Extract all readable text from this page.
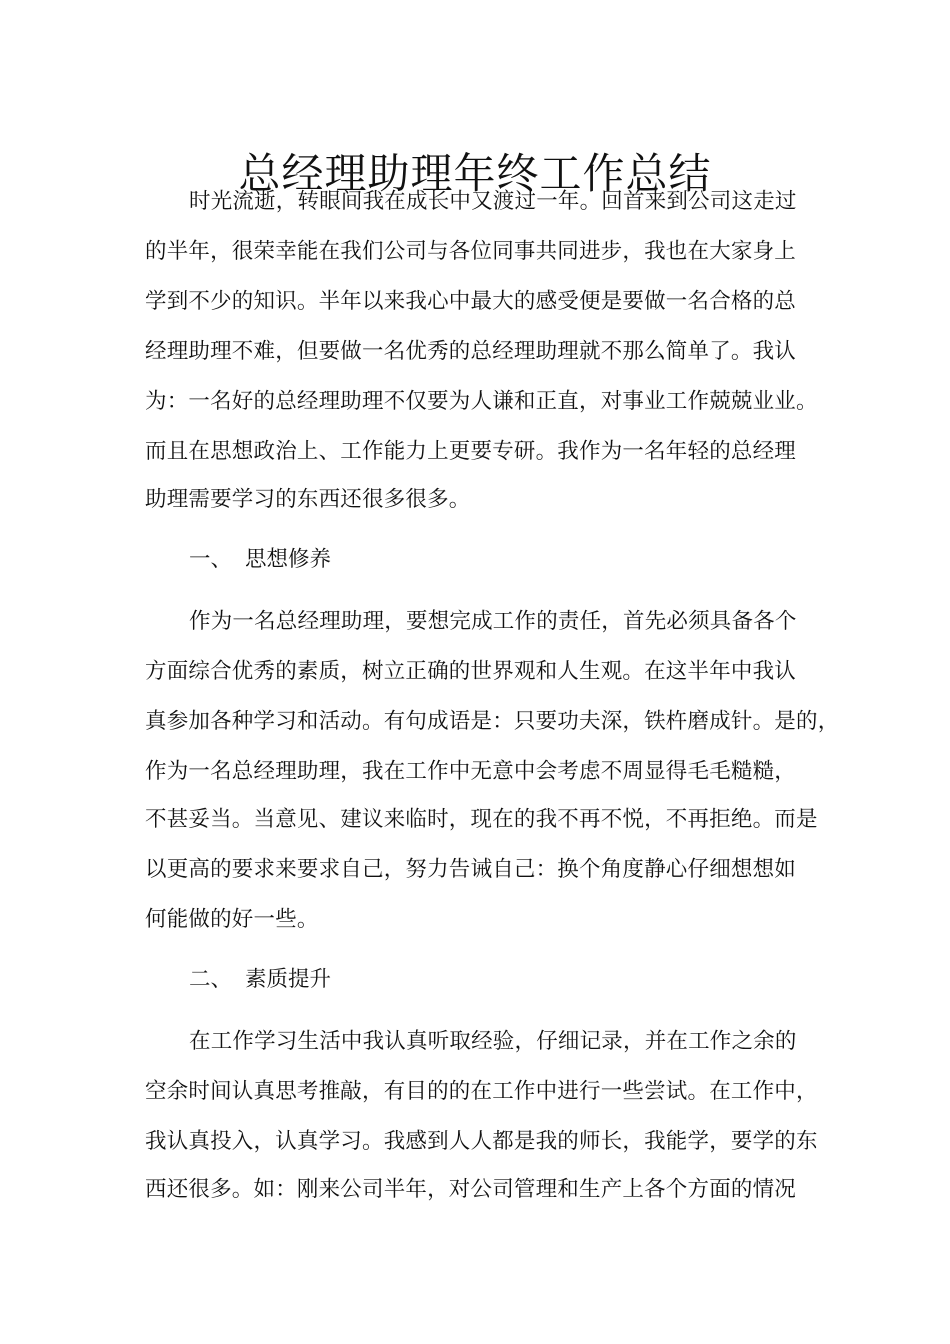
总经理助理年终工作总结
时光流逝，转眼间我在成长中又渡过一年。回首来到公司这走过
的半年，很荣幸能在我们公司与各位同事共同进步，我也在大家身上
学到不少的知识。半年以来我心中最大的感受便是要做一名合格的总
经理助理不难，但要做一名优秀的总经理助理就不那么简单了。我认
为：一名好的总经理助理不仅要为人谦和正直，对事业工作兢兢业业。
而且在思想政治上、工作能力上更要专研。我作为一名年轻的总经理
助理需要学习的东西还很多很多。
一、 思想修养
作为一名总经理助理，要想完成工作的责任，首先必须具备各个
方面综合优秀的素质，树立正确的世界观和人生观。在这半年中我认
真参加各种学习和活动。有句成语是：只要功夫深，铁杵磨成针。是的，
作为一名总经理助理，我在工作中无意中会考虑不周显得毛毛糙糙，
不甚妥当。当意见、建议来临时，现在的我不再不悦，不再拒绝。而是
以更高的要求来要求自己，努力告诫自己：换个角度静心仔细想想如
何能做的好一些。
二、 素质提升
在工作学习生活中我认真听取经验，仔细记录，并在工作之余的
空余时间认真思考推敲，有目的的在工作中进行一些尝试。在工作中，
我认真投入，认真学习。我感到人人都是我的师长，我能学，要学的东
西还很多。如：刚来公司半年，对公司管理和生产上各个方面的情况
